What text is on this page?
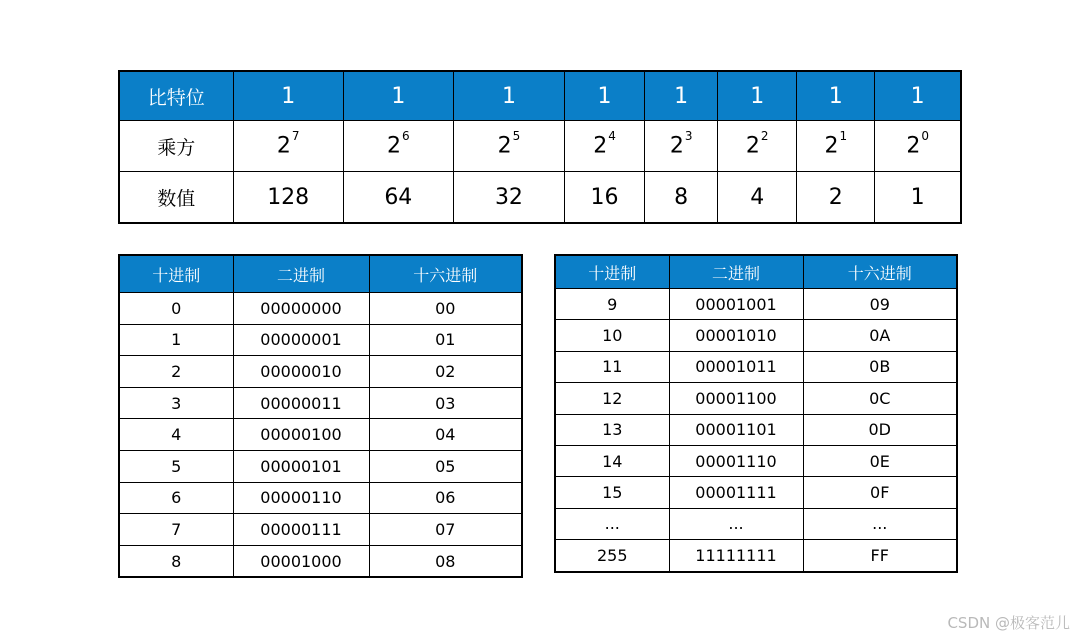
比特位	1	1	1	1	1	1	1	1
乘方	$2^7$	$2^6$	$2^5$	$2^4$	$2^3$	$2^2$	$2^1$	$2^0$
数值	128	64	32	16	8	4	2	1
十进制	二进制	十六进制
0	00000000	00
1	00000001	01
2	00000010	02
3	00000011	03
4	00000100	04
5	00000101	05
6	00000110	06
7	00000111	07
8	00001000	08
十进制	二进制	十六进制
9	00001001	09
10	00001010	0A
11	00001011	0B
12	00001100	0C
13	00001101	0D
14	00001110	0E
15	00001111	0F
...	...	...
255	11111111	FF
CSDN @极客范儿
